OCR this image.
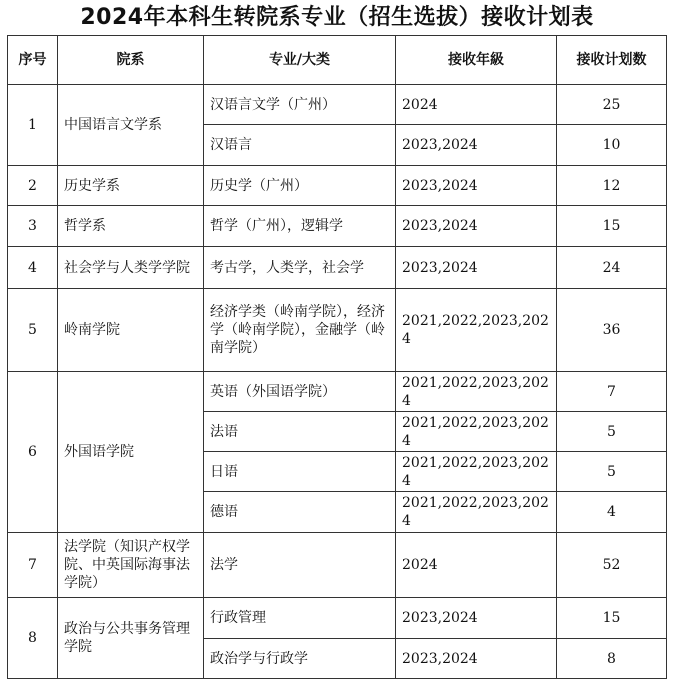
2024年本科生转院系专业（招生选拔）接收计划表
序号	院系	专业/大类	接收年級	接收计划数
1	中国语言文学系	汉语言文学（广州）	2024	25
		汉语言	2023,2024	10
2	历史学系	历史学（广州）	2023,2024	12
3	哲学系	哲学（广州），逻辑学	2023,2024	15
4	社会学与人类学学院	考古学，人类学，社会学	2023,2024	24
5	岭南学院	经济学类（岭南学院），经济学（岭南学院），金融学（岭南学院）	2021,2022,2023,2024	36
6	外国语学院	英语（外国语学院）	2021,2022,2023,2024	7
		法语	2021,2022,2023,2024	5
		日语	2021,2022,2023,2024	5
		德语	2021,2022,2023,2024	4
7	法学院（知识产权学院、中英国际海事法学院）	法学	2024	52
8	政治与公共事务管理学院	行政管理	2023,2024	15
		政治学与行政学	2023,2024	8
